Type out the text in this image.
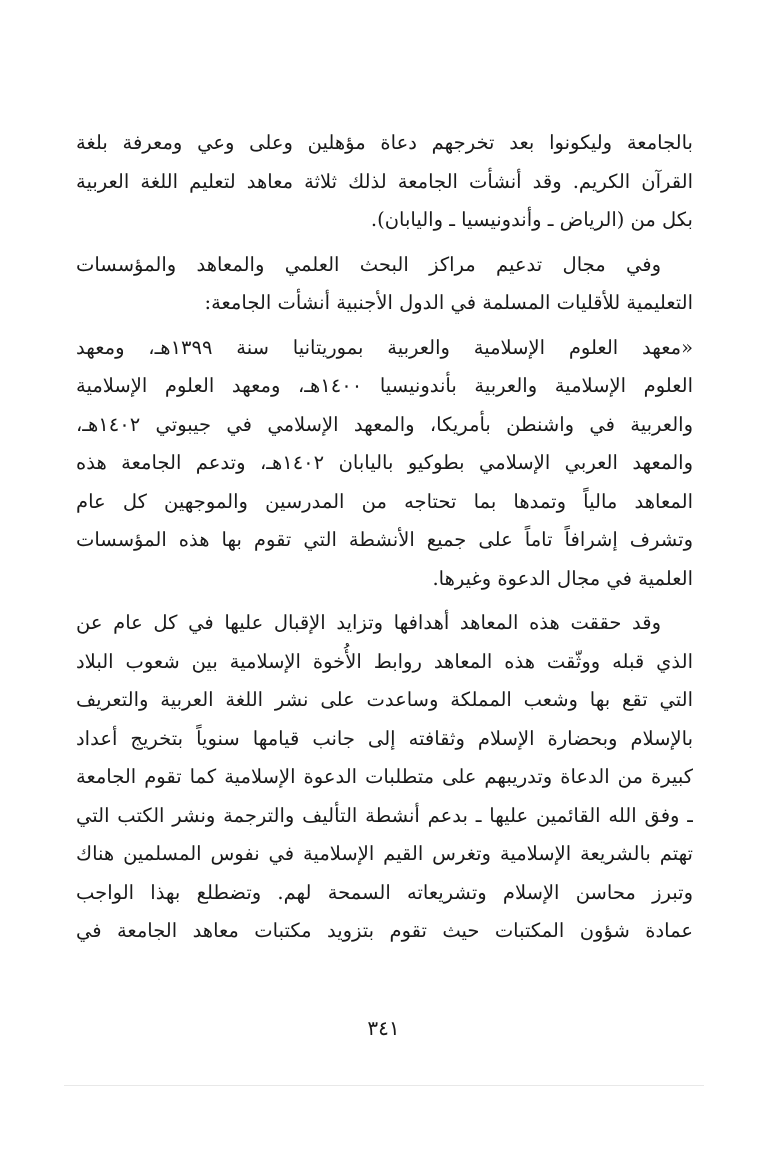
بالجامعة وليكونوا بعد تخرجهم دعاة مؤهلين وعلى وعي ومعرفة بلغة
القرآن الكريم. وقد أنشأت الجامعة لذلك ثلاثة معاهد لتعليم اللغة العربية
بكل من (الرياض ـ وأندونيسيا ـ واليابان).
وفي مجال تدعيم مراكز البحث العلمي والمعاهد والمؤسسات
التعليمية للأقليات المسلمة في الدول الأجنبية أنشأت الجامعة:
«معهد العلوم الإسلامية والعربية بموريتانيا سنة ١٣٩٩هـ، ومعهد
العلوم الإسلامية والعربية بأندونيسيا ١٤٠٠هـ، ومعهد العلوم الإسلامية
والعربية في واشنطن بأمريكا، والمعهد الإسلامي في جيبوتي ١٤٠٢هـ،
والمعهد العربي الإسلامي بطوكيو باليابان ١٤٠٢هـ، وتدعم الجامعة هذه
المعاهد مالياً وتمدها بما تحتاجه من المدرسين والموجهين كل عام
وتشرف إشرافاً تاماً على جميع الأنشطة التي تقوم بها هذه المؤسسات
العلمية في مجال الدعوة وغيرها.
وقد حققت هذه المعاهد أهدافها وتزايد الإقبال عليها في كل عام عن
الذي قبله ووثّقت هذه المعاهد روابط الأُخوة الإسلامية بين شعوب البلاد
التي تقع بها وشعب المملكة وساعدت على نشر اللغة العربية والتعريف
بالإسلام وبحضارة الإسلام وثقافته إلى جانب قيامها سنوياً بتخريج أعداد
كبيرة من الدعاة وتدريبهم على متطلبات الدعوة الإسلامية كما تقوم الجامعة
ـ وفق الله القائمين عليها ـ بدعم أنشطة التأليف والترجمة ونشر الكتب التي
تهتم بالشريعة الإسلامية وتغرس القيم الإسلامية في نفوس المسلمين هناك
وتبرز محاسن الإسلام وتشريعاته السمحة لهم. وتضطلع بهذا الواجب
عمادة شؤون المكتبات حيث تقوم بتزويد مكتبات معاهد الجامعة في
٣٤١
